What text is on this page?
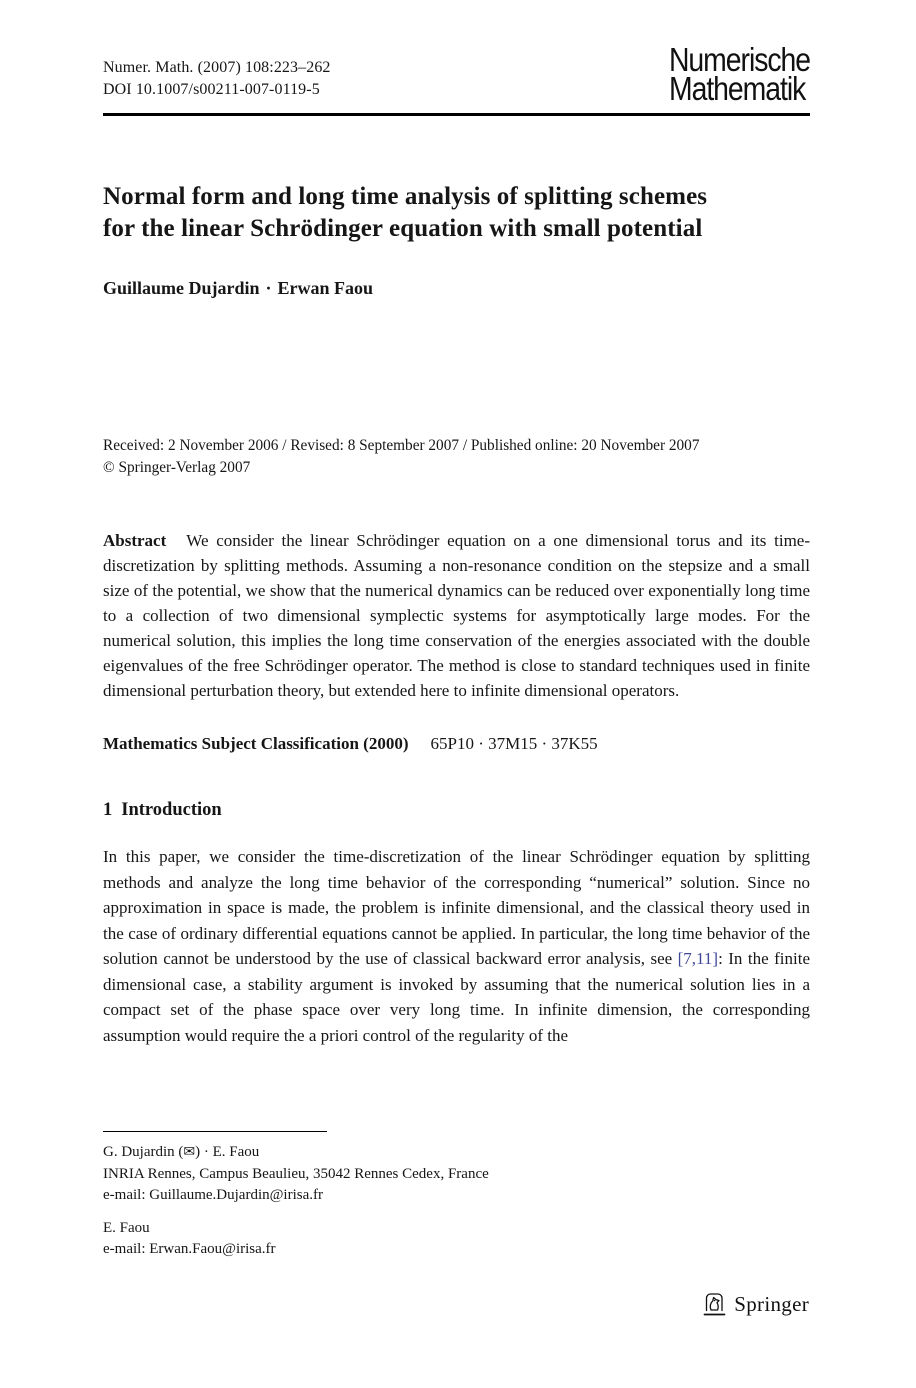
Numer. Math. (2007) 108:223–262
DOI 10.1007/s00211-007-0119-5
Numerische
Mathematik
Normal form and long time analysis of splitting schemes
for the linear Schrödinger equation with small potential
Guillaume Dujardin · Erwan Faou
Received: 2 November 2006 / Revised: 8 September 2007 / Published online: 20 November 2007
© Springer-Verlag 2007

Abstract We consider the linear Schrödinger equation on a one dimensional torus and its time-discretization by splitting methods. Assuming a non-resonance condition on the stepsize and a small size of the potential, we show that the numerical dynamics can be reduced over exponentially long time to a collection of two dimensional symplectic systems for asymptotically large modes. For the numerical solution, this implies the long time conservation of the energies associated with the double eigenvalues of the free Schrödinger operator. The method is close to standard techniques used in finite dimensional perturbation theory, but extended here to infinite dimensional operators.

Mathematics Subject Classification (2000) 65P10 · 37M15 · 37K55
1 Introduction

In this paper, we consider the time-discretization of the linear Schrödinger equation by splitting methods and analyze the long time behavior of the corresponding “numerical” solution. Since no approximation in space is made, the problem is infinite dimensional, and the classical theory used in the case of ordinary differential equations cannot be applied. In particular, the long time behavior of the solution cannot be understood by the use of classical backward error analysis, see [7,11]: In the finite dimensional case, a stability argument is invoked by assuming that the numerical solution lies in a compact set of the phase space over very long time. In infinite dimension, the corresponding assumption would require the a priori control of the regularity of the

G. Dujardin (✉) · E. Faou
INRIA Rennes, Campus Beaulieu, 35042 Rennes Cedex, France
e-mail: Guillaume.Dujardin@irisa.fr
E. Faou
e-mail: Erwan.Faou@irisa.fr
Springer
